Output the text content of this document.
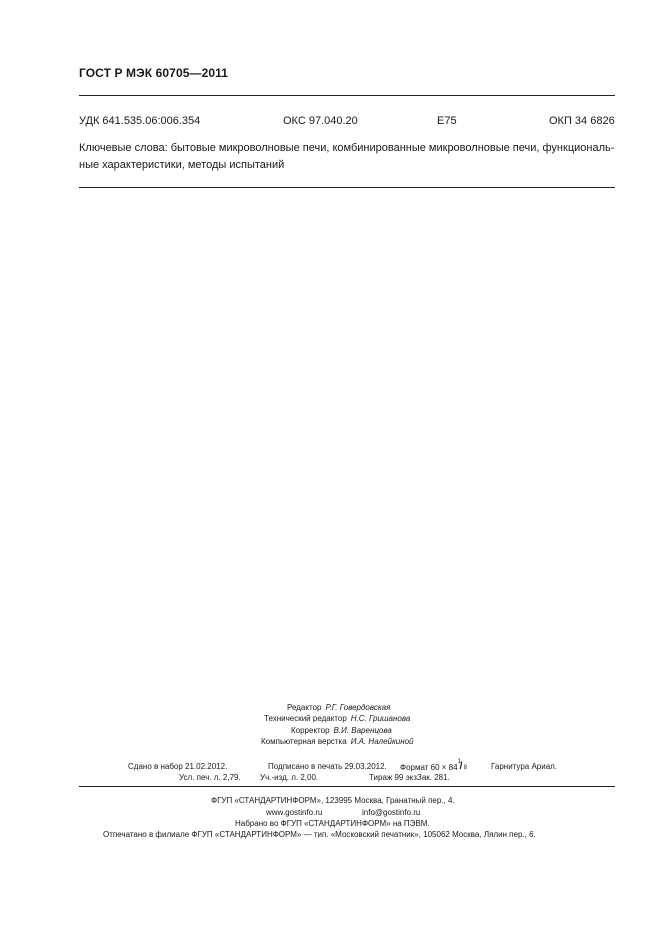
ГОСТ Р МЭК 60705—2011
УДК 641.535.06:006.354	ОКС 97.040.20	Е75	ОКП 34 6826
Ключевые слова: бытовые микроволновые печи, комбинированные микроволновые печи, функциональ-
ные характеристики, методы испытаний
Редактор Р.Г. Говердовская
Технический редактор Н.С. Гришанова
Корректор В.И. Варенцова
Компьютерная верстка И.А. Налейкиной
Сдано в набор 21.02.2012.	Подписано в печать 29.03.2012. Формат 60 × 84
1
/ 8	Гарнитура Ариал.
Усл. печ. л. 2,79. Уч.-изд. л. 2,00.	Тираж 99 экз.
Зак. 281.
ФГУП «СТАНДАРТИНФОРМ», 123995 Москва, Гранатный пер., 4.
www.gostinfo.ru	info@gostinfo.ru
Набрано во ФГУП «СТАНДАРТИНФОРМ» на ПЭВМ.
Отпечатано в филиале ФГУП «СТАНДАРТИНФОРМ» — тип. «Московский печатник», 105062 Москва, Лялин пер., 6.
